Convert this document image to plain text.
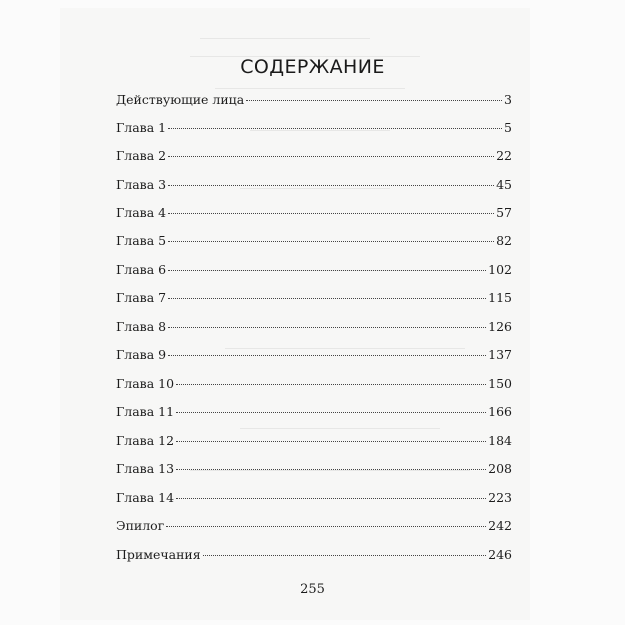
СОДЕРЖАНИЕ
Действующие лица	3
Глава 1	5
Глава 2	22
Глава 3	45
Глава 4	57
Глава 5	82
Глава 6	102
Глава 7	115
Глава 8	126
Глава 9	137
Глава 10	150
Глава 11	166
Глава 12	184
Глава 13	208
Глава 14	223
Эпилог	242
Примечания	246
255
